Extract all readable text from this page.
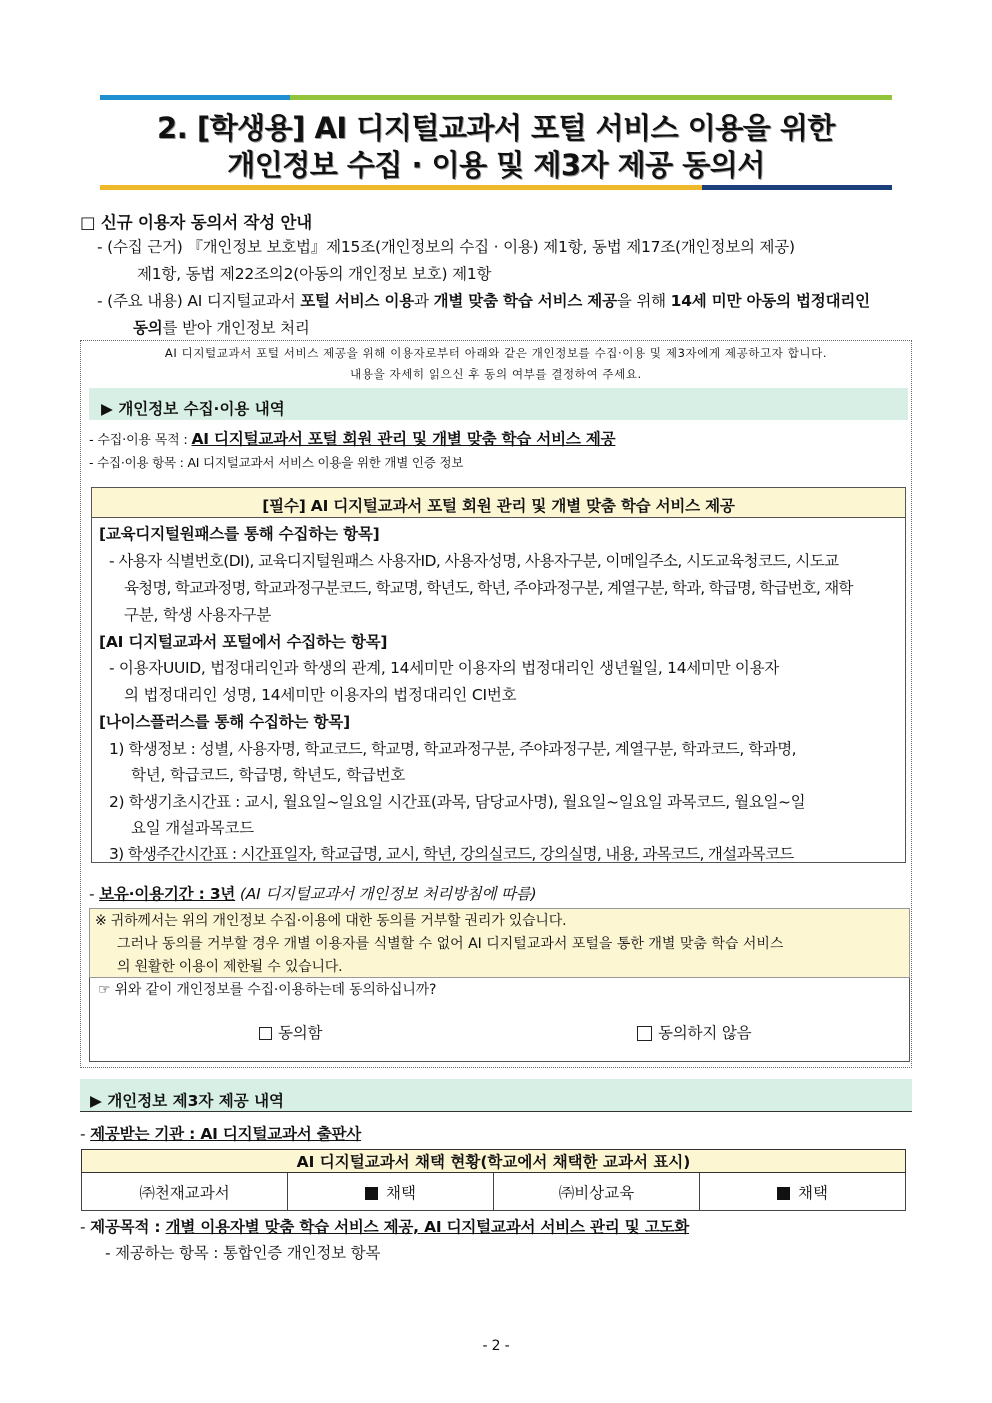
2. [학생용] AI 디지털교과서 포털 서비스 이용을 위한
개인정보 수집 · 이용 및 제3자 제공 동의서
□ 신규 이용자 동의서 작성 안내
- (수집 근거) 『개인정보 보호법』제15조(개인정보의 수집 · 이용) 제1항, 동법 제17조(개인정보의 제공)
제1항, 동법 제22조의2(아동의 개인정보 보호) 제1항
- (주요 내용) AI 디지털교과서 포털 서비스 이용과 개별 맞춤 학습 서비스 제공을 위해 14세 미만 아동의 법정대리인
동의를 받아 개인정보 처리
AI 디지털교과서 포털 서비스 제공을 위해 이용자로부터 아래와 같은 개인정보를 수집·이용 및 제3자에게 제공하고자 합니다.
내용을 자세히 읽으신 후 동의 여부를 결정하여 주세요.
▶ 개인정보 수집·이용 내역
- 수집·이용 목적 : AI 디지털교과서 포털 회원 관리 및 개별 맞춤 학습 서비스 제공
- 수집·이용 항목 : AI 디지털교과서 서비스 이용을 위한 개별 인증 정보
[필수] AI 디지털교과서 포털 회원 관리 및 개별 맞춤 학습 서비스 제공
[교육디지털원패스를 통해 수집하는 항목]
- 사용자 식별번호(DI), 교육디지털원패스 사용자ID, 사용자성명, 사용자구분, 이메일주소, 시도교육청코드, 시도교
육청명, 학교과정명, 학교과정구분코드, 학교명, 학년도, 학년, 주야과정구분, 계열구분, 학과, 학급명, 학급번호, 재학
구분, 학생 사용자구분
[AI 디지털교과서 포털에서 수집하는 항목]
- 이용자UUID, 법정대리인과 학생의 관계, 14세미만 이용자의 법정대리인 생년월일, 14세미만 이용자
의 법정대리인 성명, 14세미만 이용자의 법정대리인 CI번호
[나이스플러스를 통해 수집하는 항목]
1) 학생정보 : 성별, 사용자명, 학교코드, 학교명, 학교과정구분, 주야과정구분, 계열구분, 학과코드, 학과명,
학년, 학급코드, 학급명, 학년도, 학급번호
2) 학생기초시간표 : 교시, 월요일~일요일 시간표(과목, 담당교사명), 월요일~일요일 과목코드, 월요일~일
요일 개설과목코드
3) 학생주간시간표 : 시간표일자, 학교급명, 교시, 학년, 강의실코드, 강의실명, 내용, 과목코드, 개설과목코드
- 보유·이용기간 : 3년 (AI 디지털교과서 개인정보 처리방침에 따름)
※ 귀하께서는 위의 개인정보 수집·이용에 대한 동의를 거부할 권리가 있습니다.
그러나 동의를 거부할 경우 개별 이용자를 식별할 수 없어 AI 디지털교과서 포털을 통한 개별 맞춤 학습 서비스
의 원활한 이용이 제한될 수 있습니다.
☞ 위와 같이 개인정보를 수집·이용하는데 동의하십니까?
동의함	동의하지 않음
▶ 개인정보 제3자 제공 내역
- 제공받는 기관 : AI 디지털교과서 출판사
AI 디지털교과서 채택 현황(학교에서 채택한 교과서 표시)
㈜천재교과서	채택	㈜비상교육	채택
- 제공목적 : 개별 이용자별 맞춤 학습 서비스 제공, AI 디지털교과서 서비스 관리 및 고도화
- 제공하는 항목 : 통합인증 개인정보 항목
- 2 -
